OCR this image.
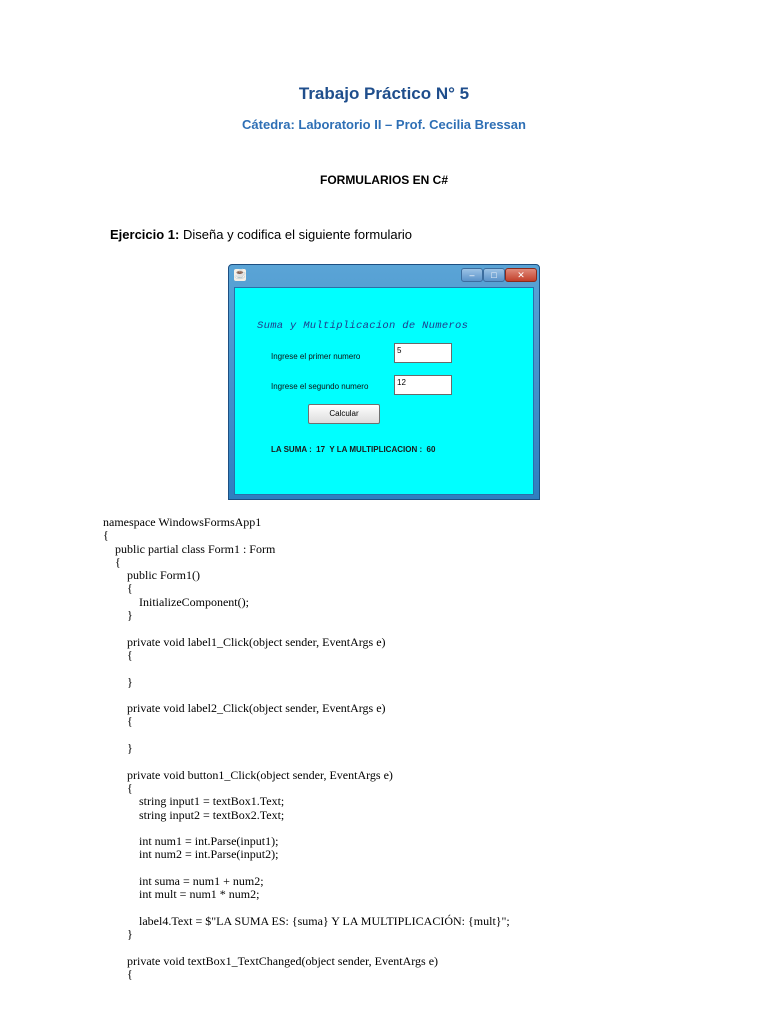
Trabajo Práctico N° 5
Cátedra: Laboratorio II – Prof. Cecilia Bressan
FORMULARIOS EN C#
Ejercicio 1: Diseña y codifica el siguiente formulario
☕	–	□	✕
Suma y Multiplicacion de Numeros
Ingrese el primer numero
5
Ingrese el segundo numero	12
Calcular
LA SUMA :  17  Y LA MULTIPLICACION :  60
namespace WindowsFormsApp1
{
public partial class Form1 : Form
{
public Form1()
{
InitializeComponent();
}
private void label1_Click(object sender, EventArgs e)
{
}
private void label2_Click(object sender, EventArgs e)
{
}
private void button1_Click(object sender, EventArgs e)
{
string input1 = textBox1.Text;
string input2 = textBox2.Text;
int num1 = int.Parse(input1);
int num2 = int.Parse(input2);
int suma = num1 + num2;
int mult = num1 * num2;
label4.Text = $"LA SUMA ES: {suma} Y LA MULTIPLICACIÓN: {mult}";
}
private void textBox1_TextChanged(object sender, EventArgs e)
{
